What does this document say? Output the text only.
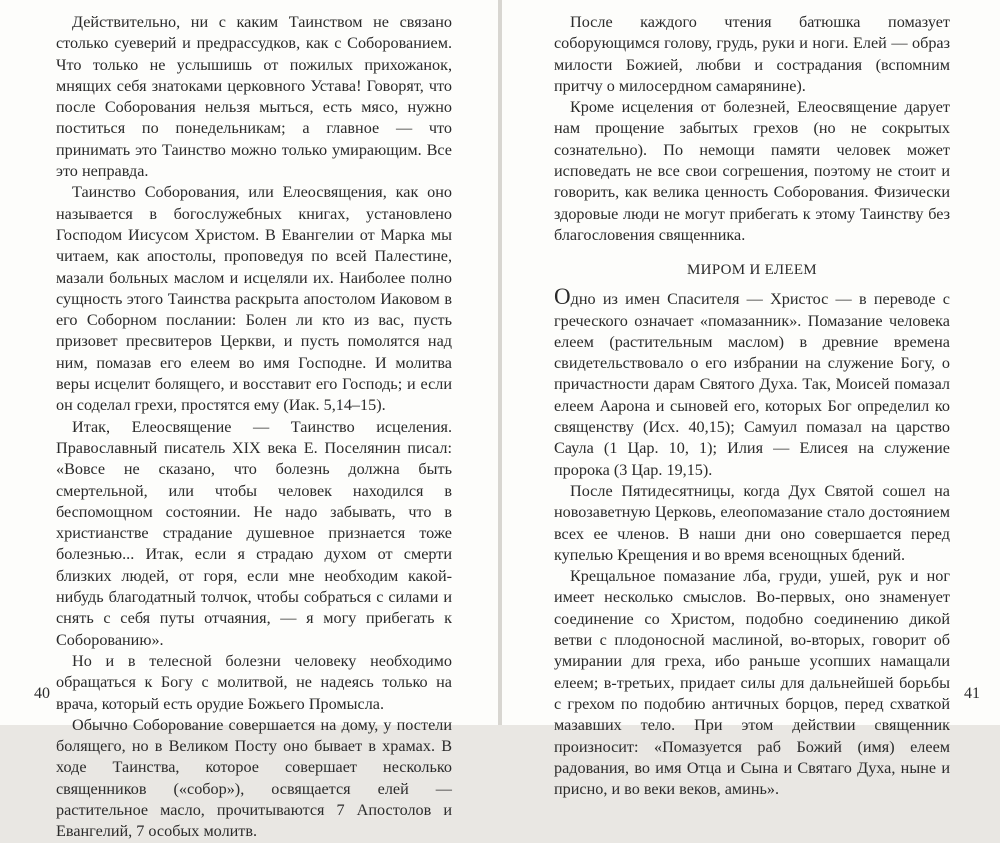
Действительно, ни с каким Таинством не связано столько суеверий и предрассудков, как с Соборованием. Что только не услышишь от пожилых прихожанок, мнящих себя знатоками церковного Устава! Говорят, что после Соборования нельзя мыться, есть мясо, нужно поститься по понедельникам; а главное — что принимать это Таинство можно только умирающим. Все это неправда.

Таинство Соборования, или Елеосвящения, как оно называется в богослужебных книгах, установлено Господом Иисусом Христом. В Евангелии от Марка мы читаем, как апостолы, проповедуя по всей Палестине, мазали больных маслом и исцеляли их. Наиболее полно сущность этого Таинства раскрыта апостолом Иаковом в его Соборном послании: Болен ли кто из вас, пусть призовет пресвитеров Церкви, и пусть помолятся над ним, помазав его елеем во имя Господне. И молитва веры исцелит болящего, и восставит его Господь; и если он соделал грехи, простятся ему (Иак. 5,14–15).

Итак, Елеосвящение — Таинство исцеления. Православный писатель XIX века Е. Поселянин писал: «Вовсе не сказано, что болезнь должна быть смертельной, или чтобы человек находился в беспомощном состоянии. Не надо забывать, что в христианстве страдание душевное признается тоже болезнью... Итак, если я страдаю духом от смерти близких людей, от горя, если мне необходим какой-нибудь благодатный толчок, чтобы собраться с силами и снять с себя путы отчаяния, — я могу прибегать к Соборованию».

Но и в телесной болезни человеку необходимо обращаться к Богу с молитвой, не надеясь только на врача, который есть орудие Божьего Промысла.

Обычно Соборование совершается на дому, у постели болящего, но в Великом Посту оно бывает в храмах. В ходе Таинства, которое совершает несколько священников («собор»), освящается елей — растительное масло, прочитываются 7 Апостолов и Евангелий, 7 особых молитв.

40

После каждого чтения батюшка помазует соборующимся голову, грудь, руки и ноги. Елей — образ милости Божией, любви и сострадания (вспомним притчу о милосердном самарянине).

Кроме исцеления от болезней, Елеосвящение дарует нам прощение забытых грехов (но не сокрытых сознательно). По немощи памяти человек может исповедать не все свои согрешения, поэтому не стоит и говорить, как велика ценность Соборования. Физически здоровые люди не могут прибегать к этому Таинству без благословения священника.

МИРОМ И ЕЛЕЕМ

Одно из имен Спасителя — Христос — в переводе с греческого означает «помазанник». Помазание человека елеем (растительным маслом) в древние времена свидетельствовало о его избрании на служение Богу, о причастности дарам Святого Духа. Так, Моисей помазал елеем Аарона и сыновей его, которых Бог определил ко священству (Исх. 40,15); Самуил помазал на царство Саула (1 Цар. 10, 1); Илия — Елисея на служение пророка (3 Цар. 19,15).

После Пятидесятницы, когда Дух Святой сошел на новозаветную Церковь, елеопомазание стало достоянием всех ее членов. В наши дни оно совершается перед купелью Крещения и во время всенощных бдений.

Крещальное помазание лба, груди, ушей, рук и ног имеет несколько смыслов. Во-первых, оно знаменует соединение со Христом, подобно соединению дикой ветви с плодоносной маслиной, во-вторых, говорит об умирании для греха, ибо раньше усопших намащали елеем; в-третьих, придает силы для дальнейшей борьбы с грехом по подобию античных борцов, перед схваткой мазавших тело. При этом действии священник произносит: «Помазуется раб Божий (имя) елеем радования, во имя Отца и Сына и Святаго Духа, ныне и присно, и во веки веков, аминь».

41
